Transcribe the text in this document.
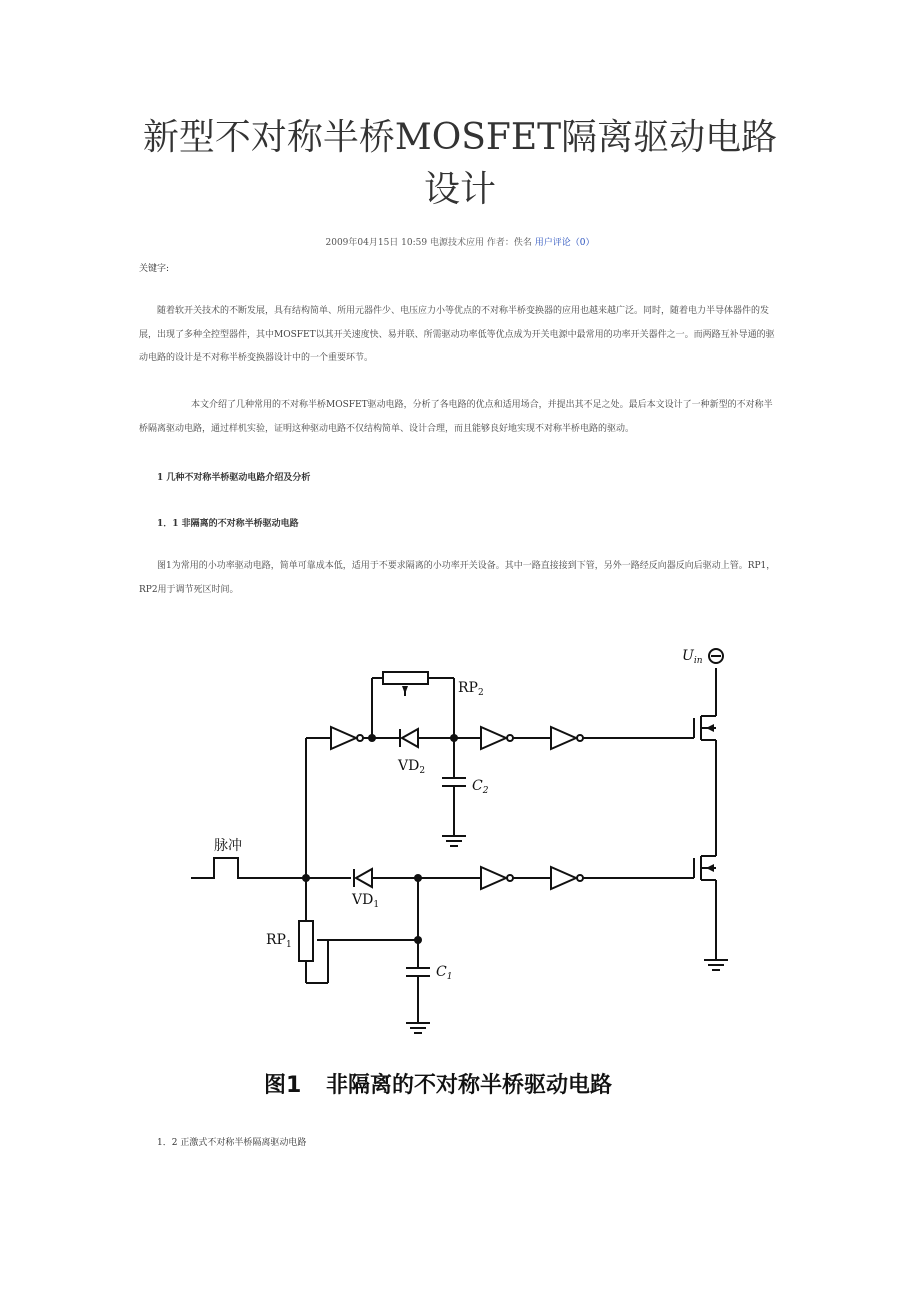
新型不对称半桥MOSFET隔离驱动电路
设计
2009年04月15日 10:59 电源技术应用 作者：佚名 用户评论（0）
关键字:

随着软开关技术的不断发展，具有结构简单、所用元器件少、电压应力小等优点的不对称半桥变换器的应用也越来越广泛。同时，随着电力半导体器件的发展，出现了多种全控型器件，其中MOSFET以其开关速度快、易并联、所需驱动功率低等优点成为开关电源中最常用的功率开关器件之一。而两路互补导通的驱动电路的设计是不对称半桥变换器设计中的一个重要环节。

本文介绍了几种常用的不对称半桥MOSFET驱动电路，分析了各电路的优点和适用场合，并提出其不足之处。最后本文设计了一种新型的不对称半桥隔离驱动电路，通过样机实验，证明这种驱动电路不仅结构简单、设计合理，而且能够良好地实现不对称半桥电路的驱动。

1 几种不对称半桥驱动电路介绍及分析
1．1 非隔离的不对称半桥驱动电路

图1为常用的小功率驱动电路，简单可靠成本低，适用于不要求隔离的小功率开关设备。其中一路直接接到下管，另外一路经反向器反向后驱动上管。RP1，RP2用于调节死区时间。

脉冲
$RP_2$
$VD_2$
$C_2$
$VD_1$
$RP_1$
$C_1$
$U_{in}$
图1 非隔离的不对称半桥驱动电路
1．2 正激式不对称半桥隔离驱动电路
